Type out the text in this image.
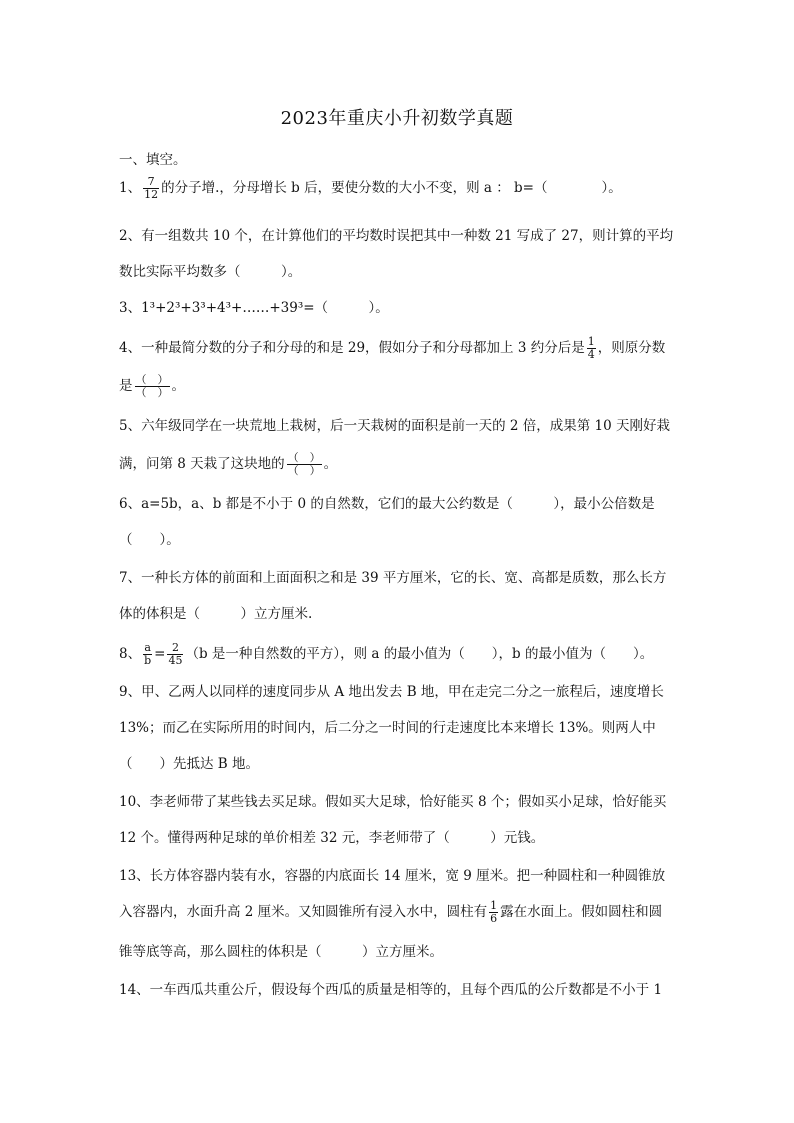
2023年重庆小升初数学真题
一、填空。
1、 $\frac{7}{12}$ 的分子增.，分母增长 b 后，要使分数的大小不变，则 a ： b=（　　　　）。
2、有一组数共 10 个，在计算他们的平均数时误把其中一种数 21 写成了 27，则计算的平均
数比实际平均数多（　　　）。
3、1³+2³+3³+4³+……+39³=（　　　）。
4、一种最简分数的分子和分母的和是 29，假如分子和分母都加上 3 约分后是 $\frac{1}{4}$ ，则原分数
是 $\frac{( )}{( )}$ 。
5、六年级同学在一块荒地上栽树，后一天栽树的面积是前一天的 2 倍，成果第 10 天刚好栽
满，问第 8 天栽了这块地的 $\frac{( )}{( )}$ 。
6、a=5b，a、b 都是不小于 0 的自然数，它们的最大公约数是（　　　），最小公倍数是
（　　）。
7、一种长方体的前面和上面面积之和是 39 平方厘米，它的长、宽、高都是质数，那么长方
体的体积是（　　　）立方厘米.
8、 $\frac{a}{b} = \frac{2}{45} (b$ 是一种自然数的平方），则 a 的最小值为（　　），b 的最小值为（　　）。
9、甲、乙两人以同样的速度同步从 A 地出发去 B 地，甲在走完二分之一旅程后，速度增长
13%；而乙在实际所用的时间内，后二分之一时间的行走速度比本来增长 13%。则两人中
（　　）先抵达 B 地。
10、李老师带了某些钱去买足球。假如买大足球，恰好能买 8 个；假如买小足球，恰好能买
12 个。懂得两种足球的单价相差 32 元，李老师带了（　　　）元钱。
13、长方体容器内装有水，容器的内底面长 14 厘米，宽 9 厘米。把一种圆柱和一种圆锥放
入容器内，水面升高 2 厘米。又知圆锥所有浸入水中，圆柱有 $\frac{1}{6}$ 露在水面上。假如圆柱和圆
锥等底等高，那么圆柱的体积是（　　　）立方厘米。
14、一车西瓜共重公斤，假设每个西瓜的质量是相等的，且每个西瓜的公斤数都是不小于 1
